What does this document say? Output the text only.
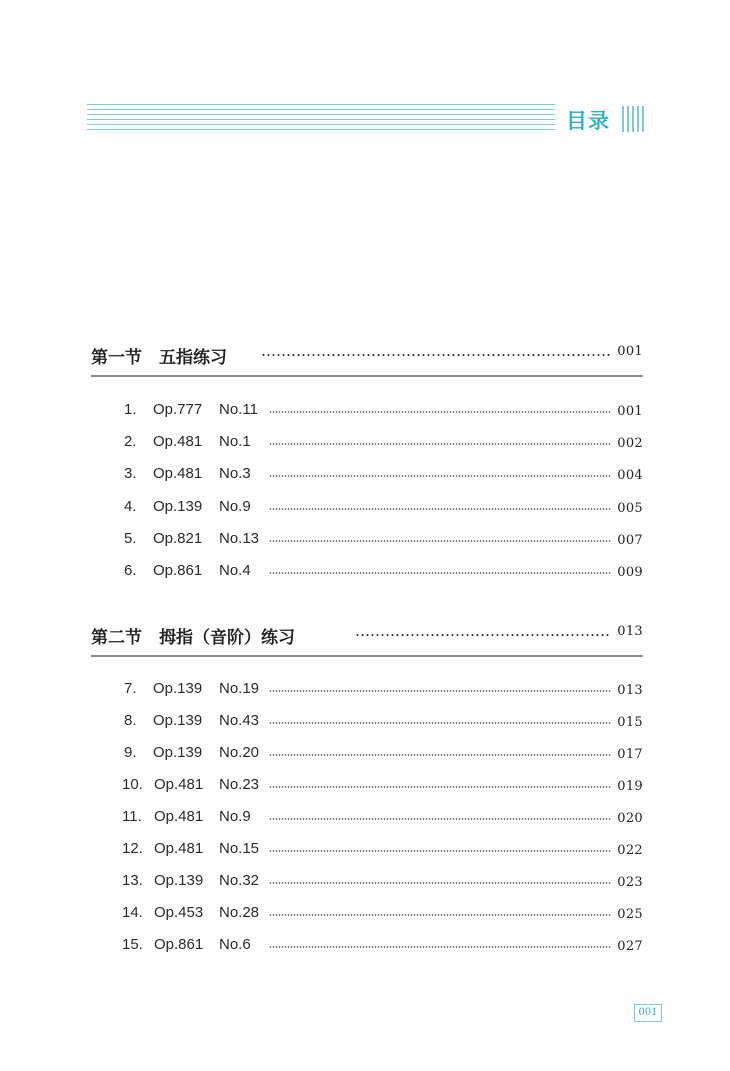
目录
第一节　五指练习	001
1. Op.777 No.11	001
2. Op.481 No.1	002
3. Op.481 No.3	004
4. Op.139 No.9	005
5. Op.821 No.13	007
6. Op.861 No.4	009
第二节　拇指（音阶）练习	013
7. Op.139 No.19	013
8. Op.139 No.43	015
9. Op.139 No.20	017
10. Op.481 No.23	019
11. Op.481 No.9	020
12. Op.481 No.15	022
13. Op.139 No.32	023
14. Op.453 No.28	025
15. Op.861 No.6	027
001
